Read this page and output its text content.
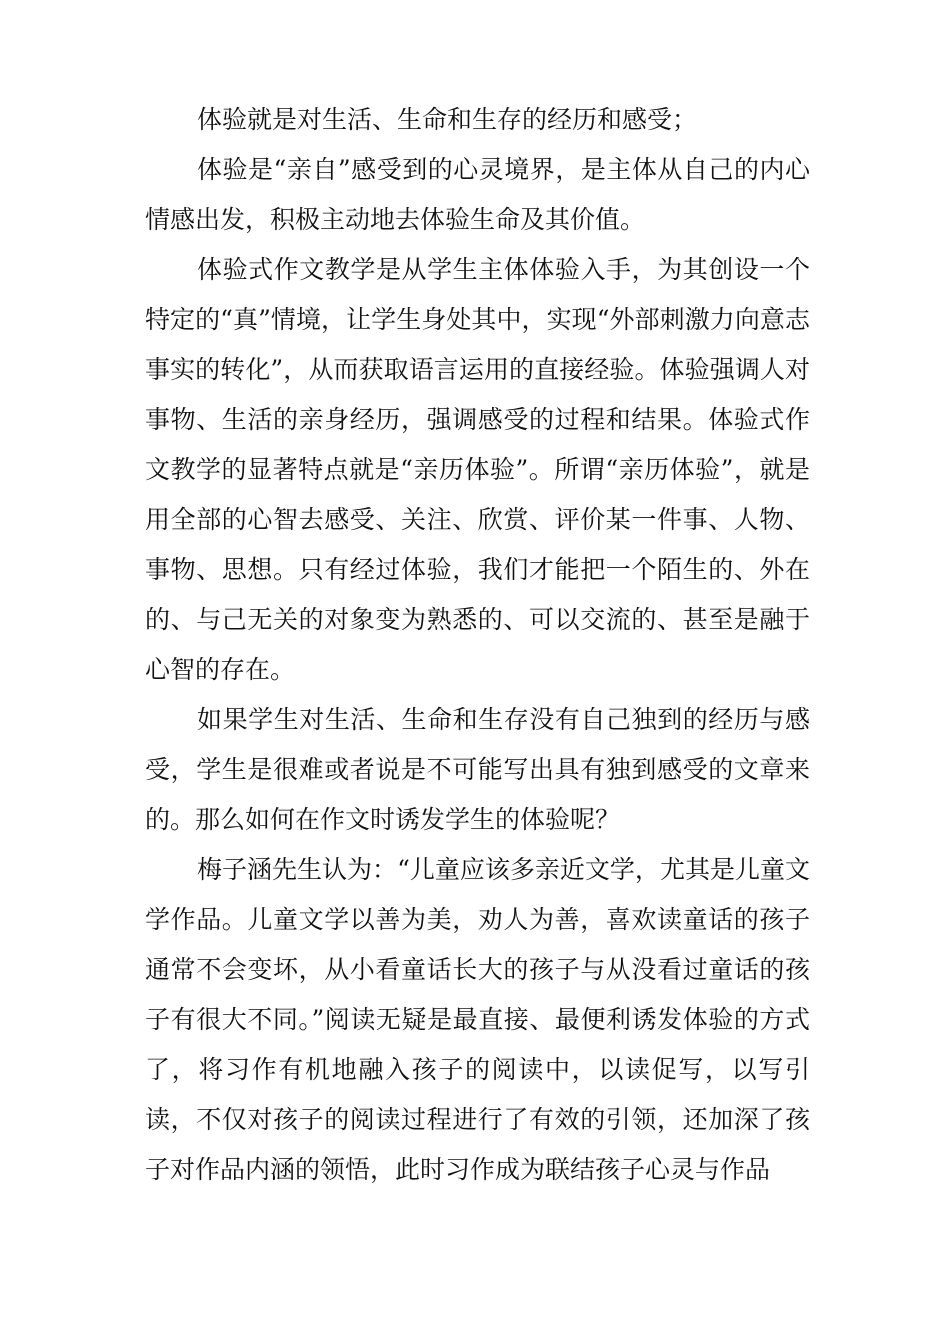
体验就是对生活、生命和生存的经历和感受；

体验是“亲自”感受到的心灵境界，是主体从自己的内心情感出发，积极主动地去体验生命及其价值。

体验式作文教学是从学生主体体验入手，为其创设一个特定的“真”情境，让学生身处其中，实现“外部刺激力向意志事实的转化”，从而获取语言运用的直接经验。体验强调人对事物、生活的亲身经历，强调感受的过程和结果。体验式作文教学的显著特点就是“亲历体验”。所谓“亲历体验”，就是用全部的心智去感受、关注、欣赏、评价某一件事、人物、事物、思想。只有经过体验，我们才能把一个陌生的、外在的、与己无关的对象变为熟悉的、可以交流的、甚至是融于心智的存在。

如果学生对生活、生命和生存没有自己独到的经历与感受，学生是很难或者说是不可能写出具有独到感受的文章来的。那么如何在作文时诱发学生的体验呢？

梅子涵先生认为：“儿童应该多亲近文学，尤其是儿童文学作品。儿童文学以善为美，劝人为善，喜欢读童话的孩子通常不会变坏，从小看童话长大的孩子与从没看过童话的孩子有很大不同。”阅读无疑是最直接、最便利诱发体验的方式了，将习作有机地融入孩子的阅读中，以读促写，以写引读，不仅对孩子的阅读过程进行了有效的引领，还加深了孩子对作品内涵的领悟，此时习作成为联结孩子心灵与作品
